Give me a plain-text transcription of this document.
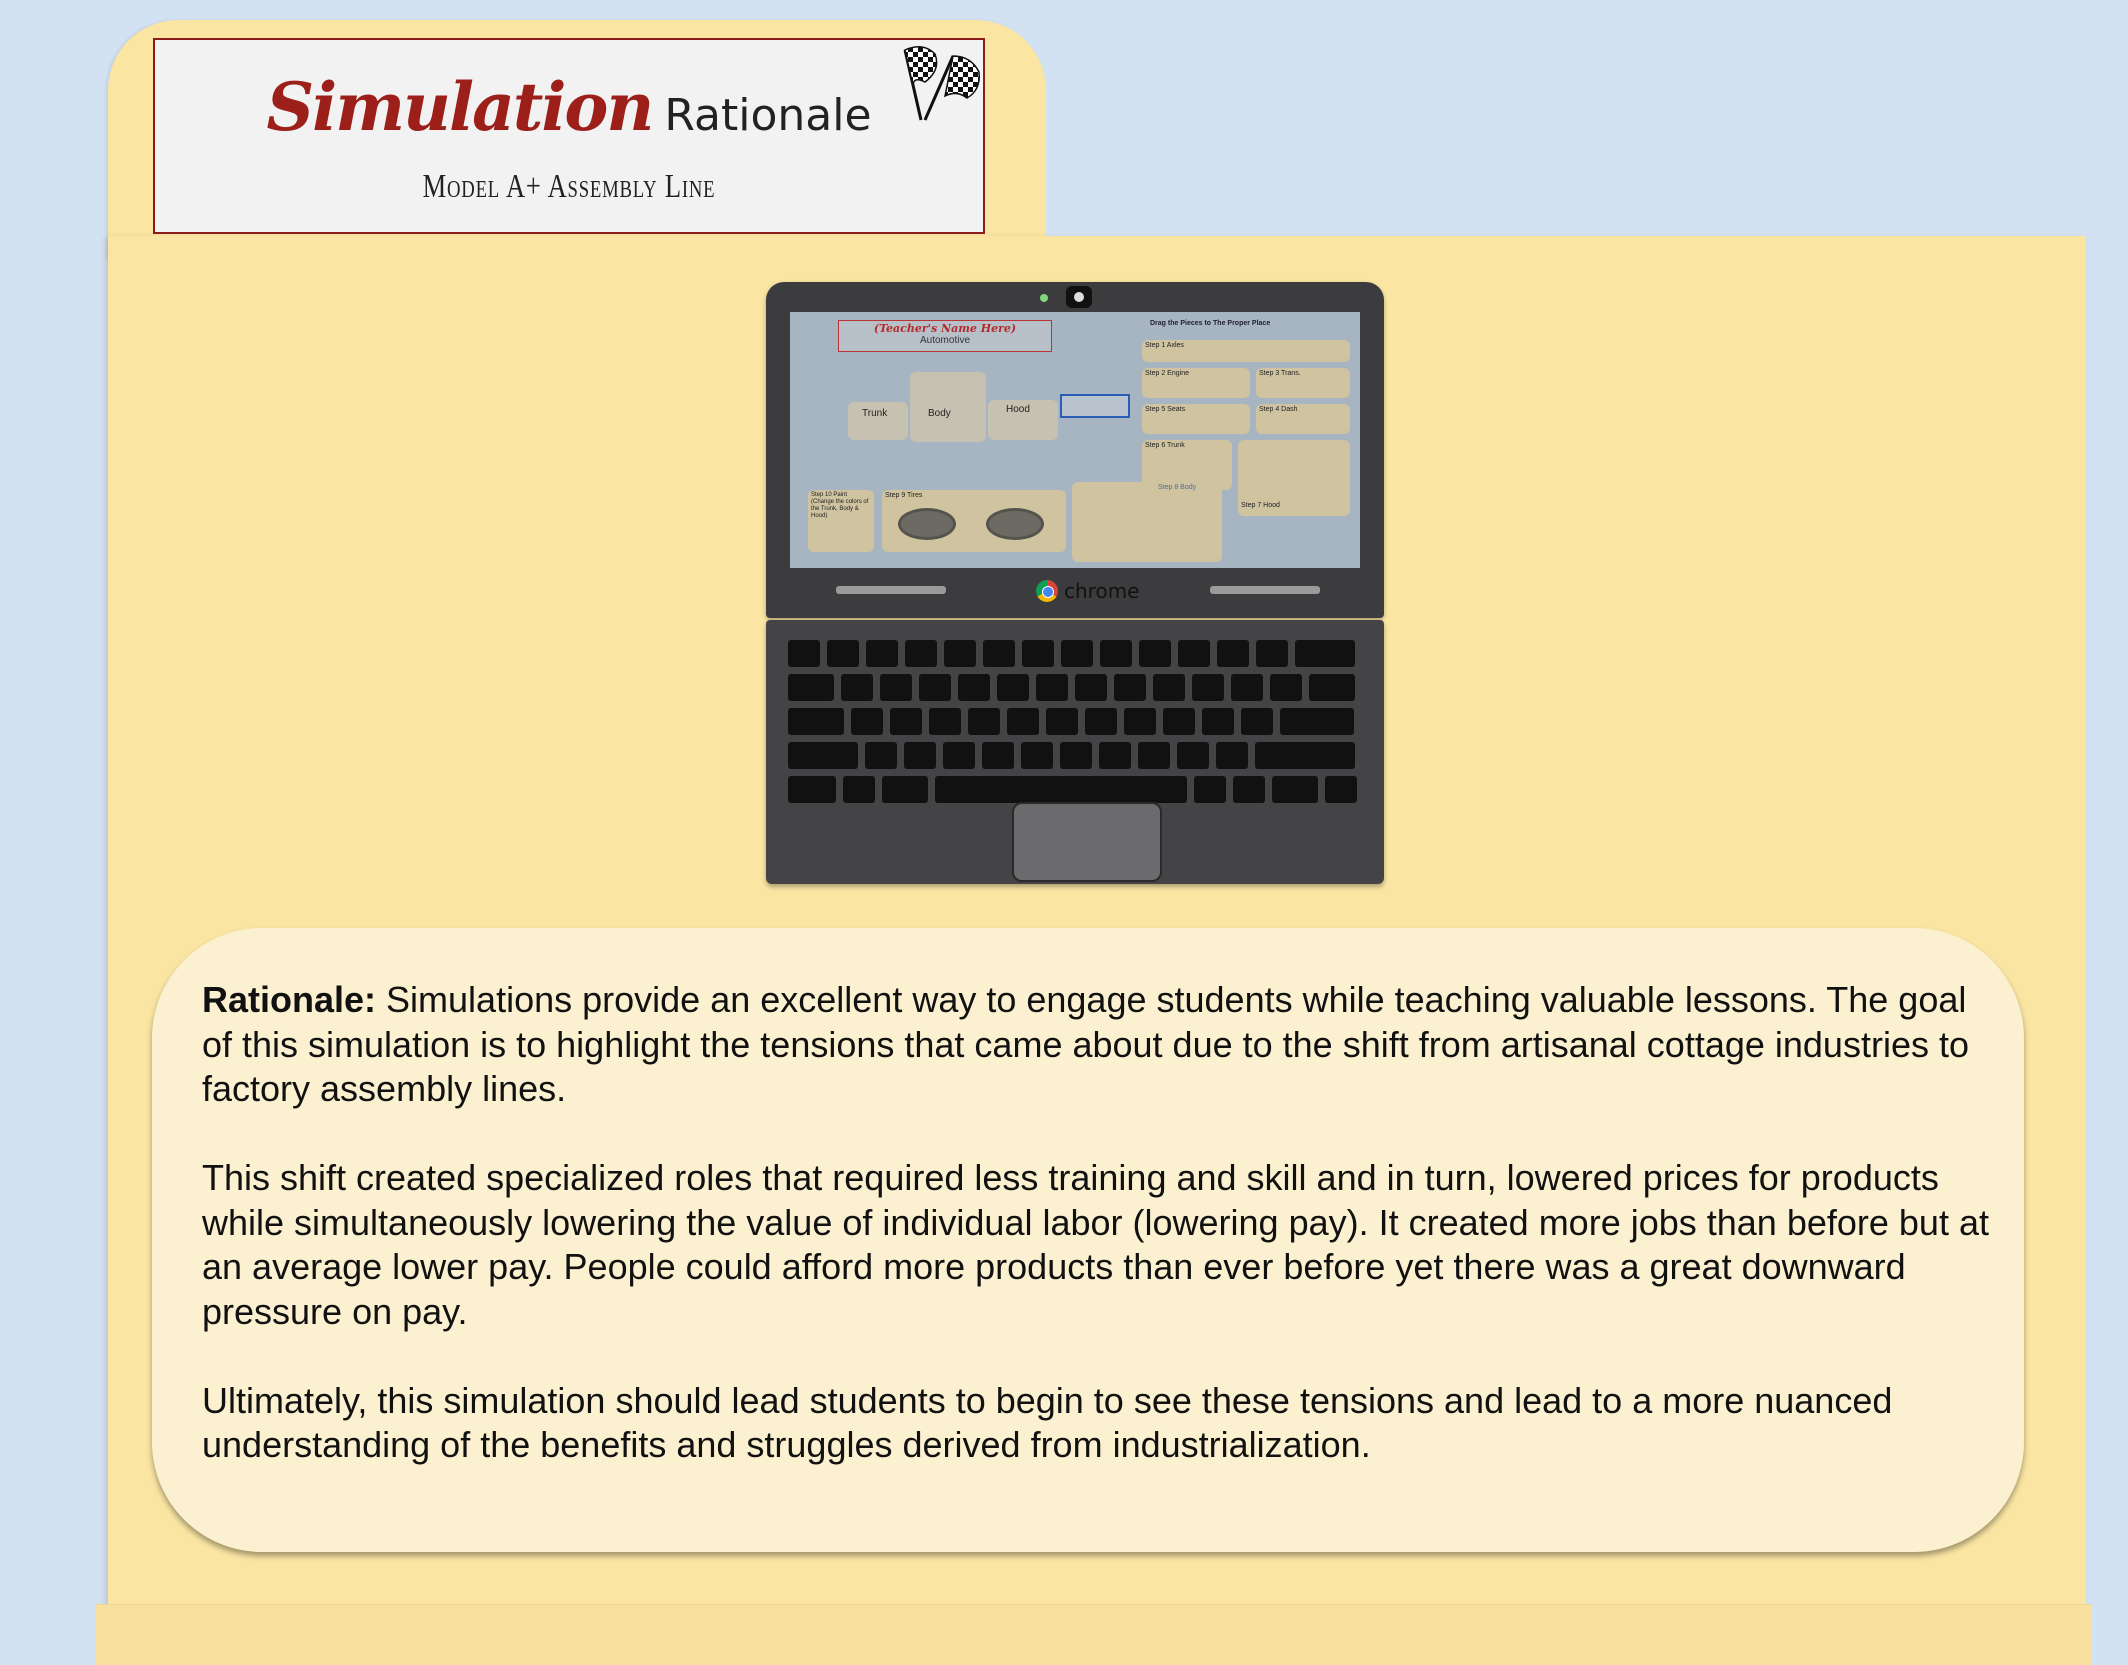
Simulation Rationale
Model A+ Assembly Line
(Teacher's Name Here)
Automotive
Drag the Pieces to The Proper Place
Trunk	Body	Hood
Step 1 Axles
Step 2 Engine	Step 3 Trans.
Step 5 Seats	Step 4 Dash
Step 6 Trunk
Step 7 Hood
Step 10 Paint (Change the colors of the Trunk, Body & Hood)
Step 9 Tires
Step 8 Body
chrome

Rationale: Simulations provide an excellent way to engage students while teaching valuable lessons. The goal of this simulation is to highlight the tensions that came about due to the shift from artisanal cottage industries to factory assembly lines.

This shift created specialized roles that required less training and skill and in turn, lowered prices for products while simultaneously lowering the value of individual labor (lowering pay). It created more jobs than before but at an average lower pay. People could afford more products than ever before yet there was a great downward pressure on pay.

Ultimately, this simulation should lead students to begin to see these tensions and lead to a more nuanced understanding of the benefits and struggles derived from industrialization.
